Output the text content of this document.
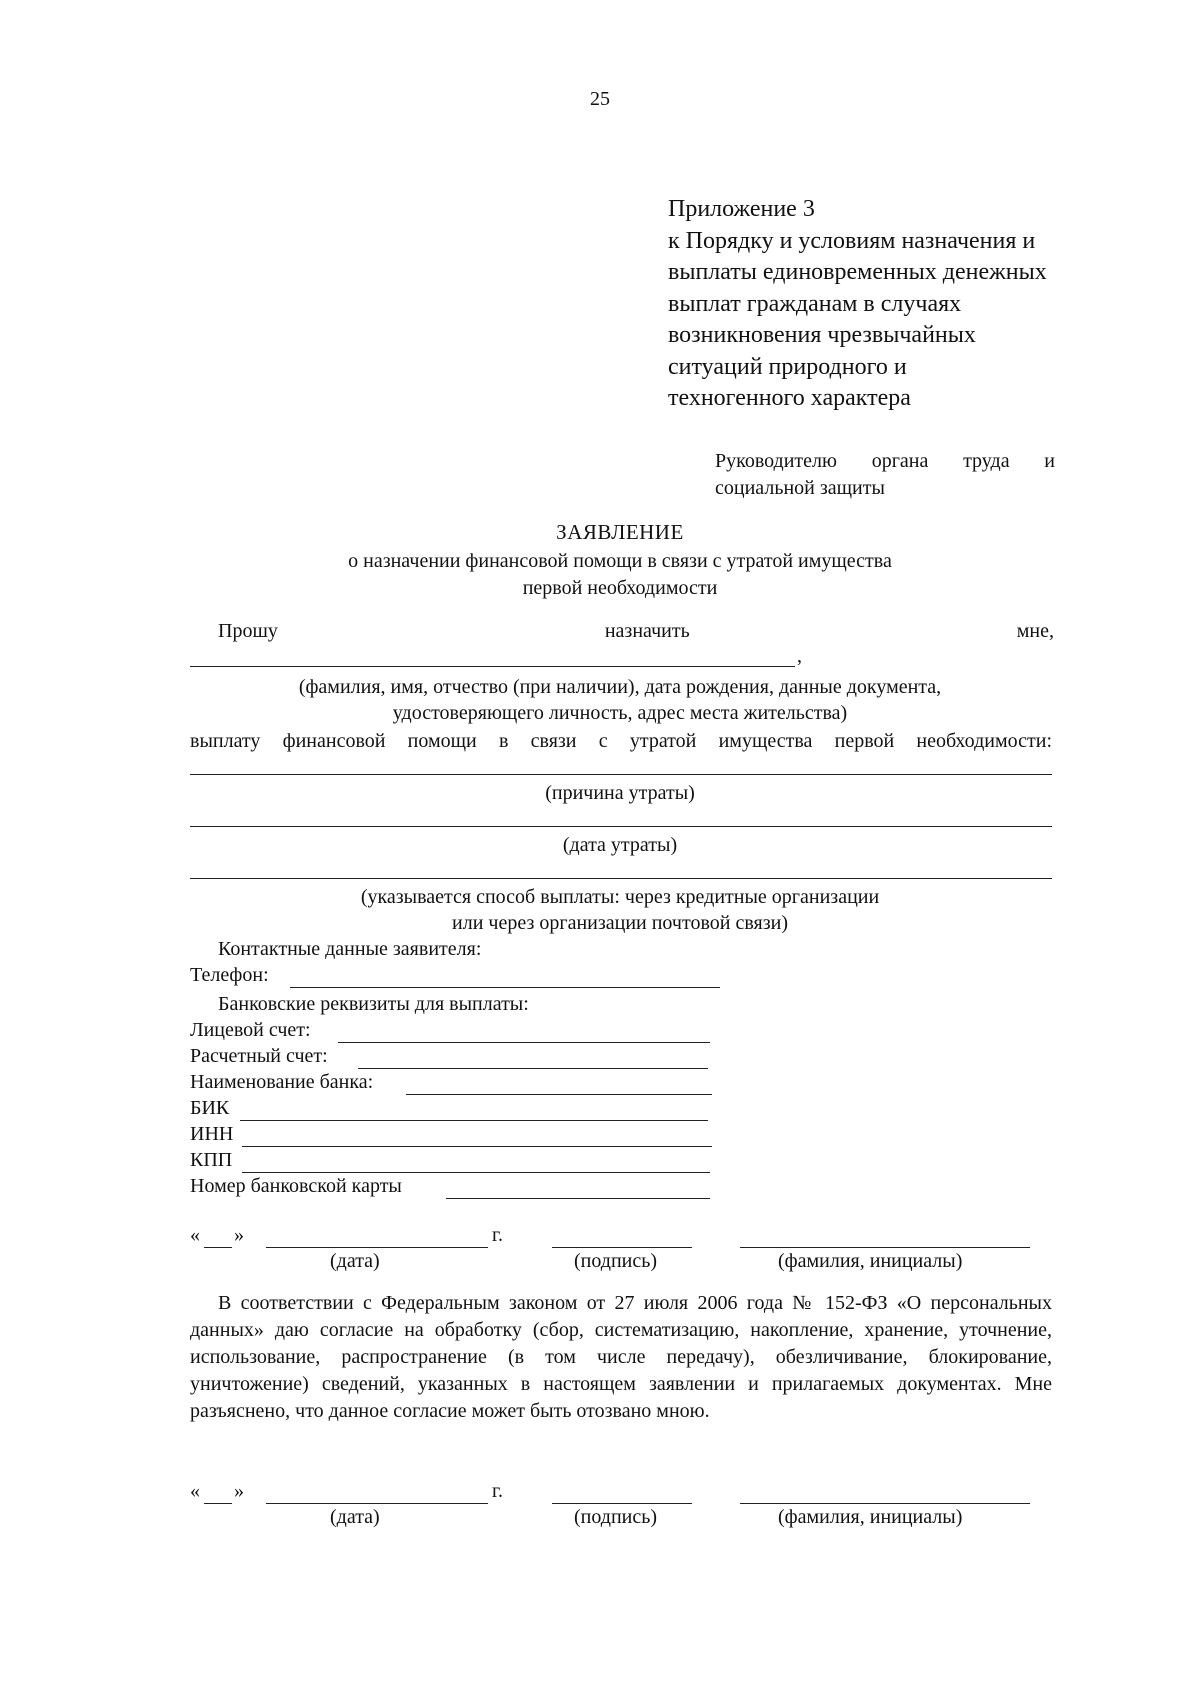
25
Приложение 3
к Порядку и условиям назначения и
выплаты единовременных денежных
выплат гражданам в случаях
возникновения чрезвычайных
ситуаций природного и
техногенного характера
Руководителю органа труда и
социальной защиты
ЗАЯВЛЕНИЕ
о назначении финансовой помощи в связи с утратой имущества
первой необходимости
Прошу	назначить	мне,
,
(фамилия, имя, отчество (при наличии), дата рождения, данные документа,
удостоверяющего личность, адрес места жительства)
выплату финансовой помощи в связи с утратой имущества первой необходимости:
(причина утраты)
(дата утраты)
(указывается способ выплаты: через кредитные организации
или через организации почтовой связи)
Контактные данные заявителя:
Телефон:
Банковские реквизиты для выплаты:
Лицевой счет:
Расчетный счет:
Наименование банка:
БИК
ИНН
КПП
Номер банковской карты
« »	г.
(дата)	(подпись)	(фамилия, инициалы)

В соответствии с Федеральным законом от 27 июля 2006 года № 152-ФЗ «О персональных данных» даю согласие на обработку (сбор, систематизацию, накопление, хранение, уточнение, использование, распространение (в том числе передачу), обезличивание, блокирование, уничтожение) сведений, указанных в настоящем заявлении и прилагаемых документах. Мне разъяснено, что данное согласие может быть отозвано мною.

« »	г.
(дата)	(подпись)	(фамилия, инициалы)
